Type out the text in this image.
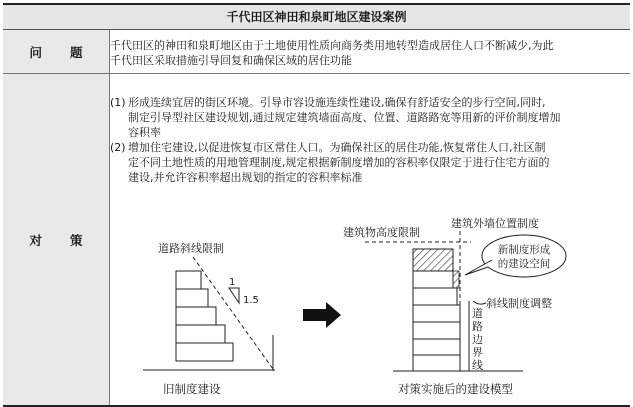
千代田区神田和泉町地区建设案例
问 题 千代田区的神田和泉町地区由于土地使用性质向商务类用地转型造成居住人口不断减少,为此

千代田区采取措施引导回复和确保区域的居住功能

对 策
(1) 形成连续宜居的街区环境。引导市容设施连续性建设,确保有舒适安全的步行空间,同时,
制定引导型社区建设规划,通过规定建筑墙面高度、位置、道路路宽等用新的评价制度增加
容积率
(2) 增加住宅建设,以促进恢复市区常住人口。为确保社区的居住功能,恢复常住人口,社区制
定不同土地性质的用地管理制度,规定根据新制度增加的容积率仅限定于进行住宅方面的
建设,并允许容积率超出规划的指定的容积率标准
道路斜线限制
1
1.5
旧制度建设
建筑物高度限制
建筑外墙位置制度
新制度形成
的建设空间
斜线制度调整
道
路
边
界
线
对策实施后的建设模型
